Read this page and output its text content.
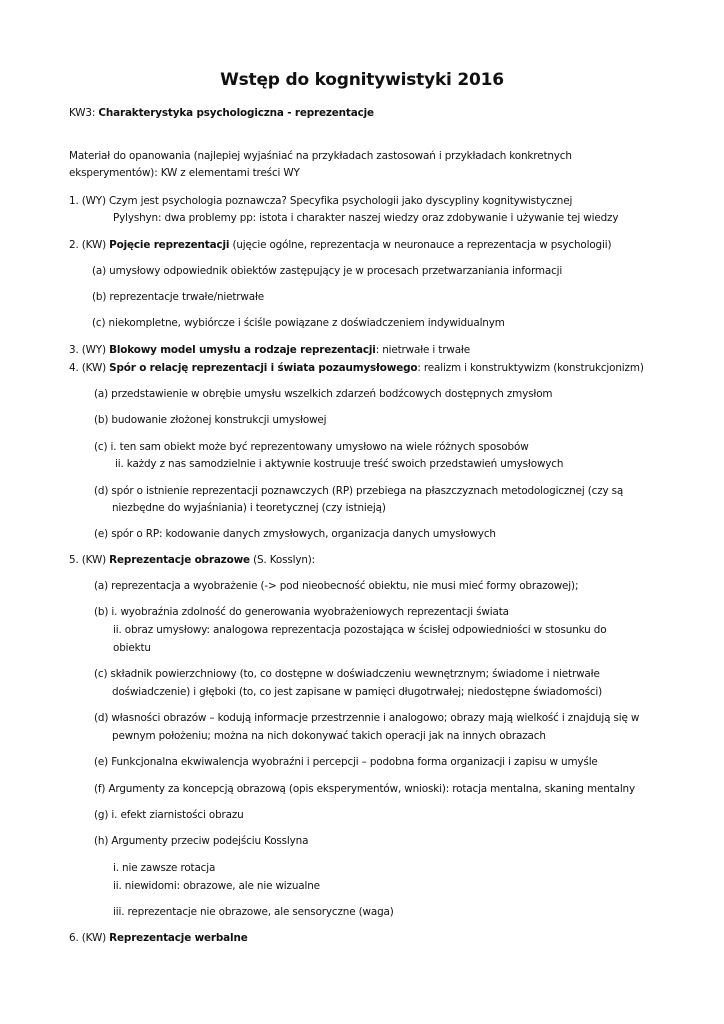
Wstęp do kognitywistyki 2016
KW3: Charakterystyka psychologiczna - reprezentacje
Materiał do opanowania (najlepiej wyjaśniać na przykładach zastosowań i przykładach konkretnych
eksperymentów): KW z elementami treści WY
1. (WY) Czym jest psychologia poznawcza? Specyfika psychologii jako dyscypliny kognitywistycznej
Pylyshyn: dwa problemy pp: istota i charakter naszej wiedzy oraz zdobywanie i używanie tej wiedzy
2. (KW) Pojęcie reprezentacji (ujęcie ogólne, reprezentacja w neuronauce a reprezentacja w psychologii)
(a) umysłowy odpowiednik obiektów zastępujący je w procesach przetwarzaniania informacji
(b) reprezentacje trwałe/nietrwałe
(c) niekompletne, wybiórcze i ściśle powiązane z doświadczeniem indywidualnym
3. (WY) Blokowy model umysłu a rodzaje reprezentacji: nietrwałe i trwałe
4. (KW) Spór o relację reprezentacji i świata pozaumysłowego: realizm i konstruktywizm (konstrukcjonizm)
(a) przedstawienie w obrębie umysłu wszelkich zdarzeń bodźcowych dostępnych zmysłom
(b) budowanie złożonej konstrukcji umysłowej
(c) i. ten sam obiekt może być reprezentowany umysłowo na wiele różnych sposobów
ii. każdy z nas samodzielnie i aktywnie kostruuje treść swoich przedstawień umysłowych
(d) spór o istnienie reprezentacji poznawczych (RP) przebiega na płaszczyznach metodologicznej (czy są
niezbędne do wyjaśniania) i teoretycznej (czy istnieją)
(e) spór o RP: kodowanie danych zmysłowych, organizacja danych umysłowych
5. (KW) Reprezentacje obrazowe (S. Kosslyn):
(a) reprezentacja a wyobrażenie (-> pod nieobecność obiektu, nie musi mieć formy obrazowej);
(b) i. wyobraźnia zdolność do generowania wyobrażeniowych reprezentacji świata
ii. obraz umysłowy: analogowa reprezentacja pozostająca w ścisłej odpowiedniości w stosunku do
obiektu
(c) składnik powierzchniowy (to, co dostępne w doświadczeniu wewnętrznym; świadome i nietrwałe
doświadczenie) i głęboki (to, co jest zapisane w pamięci długotrwałej; niedostępne świadomości)
(d) własności obrazów – kodują informacje przestrzennie i analogowo; obrazy mają wielkość i znajdują się w
pewnym położeniu; można na nich dokonywać takich operacji jak na innych obrazach
(e) Funkcjonalna ekwiwalencja wyobraźni i percepcji – podobna forma organizacji i zapisu w umyśle
(f) Argumenty za koncepcją obrazową (opis eksperymentów, wnioski): rotacja mentalna, skaning mentalny
(g) i. efekt ziarnistości obrazu
(h) Argumenty przeciw podejściu Kosslyna
i. nie zawsze rotacja
ii. niewidomi: obrazowe, ale nie wizualne
iii. reprezentacje nie obrazowe, ale sensoryczne (waga)
6. (KW) Reprezentacje werbalne
